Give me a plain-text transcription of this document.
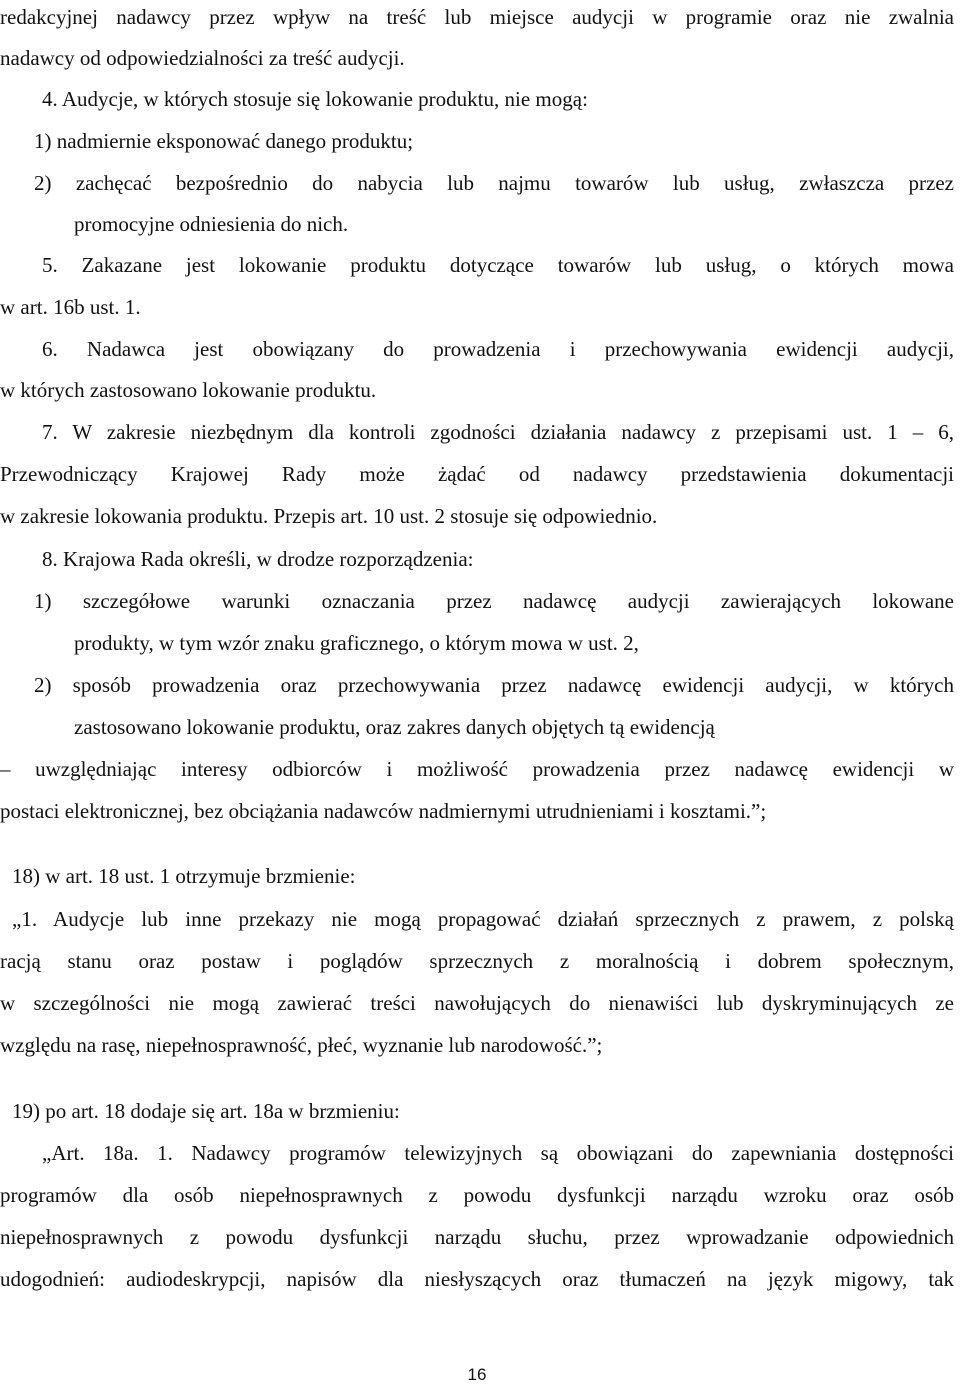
redakcyjnej nadawcy przez wpływ na treść lub miejsce audycji w programie oraz nie zwalnia
nadawcy od odpowiedzialności za treść audycji.
4. Audycje, w których stosuje się lokowanie produktu, nie mogą:
1) nadmiernie eksponować danego produktu;
2) zachęcać bezpośrednio do nabycia lub najmu towarów lub usług, zwłaszcza przez
promocyjne odniesienia do nich.
5. Zakazane jest lokowanie produktu dotyczące towarów lub usług, o których mowa
w art. 16b ust. 1.
6. Nadawca jest obowiązany do prowadzenia i przechowywania ewidencji audycji,
w których zastosowano lokowanie produktu.
7. W zakresie niezbędnym dla kontroli zgodności działania nadawcy z przepisami ust. 1 – 6,
Przewodniczący Krajowej Rady może żądać od nadawcy przedstawienia dokumentacji
w zakresie lokowania produktu. Przepis art. 10 ust. 2 stosuje się odpowiednio.
8. Krajowa Rada określi, w drodze rozporządzenia:
1) szczegółowe warunki oznaczania przez nadawcę audycji zawierających lokowane
produkty, w tym wzór znaku graficznego, o którym mowa w ust. 2,
2) sposób prowadzenia oraz przechowywania przez nadawcę ewidencji audycji, w których
zastosowano lokowanie produktu, oraz zakres danych objętych tą ewidencją
– uwzględniając interesy odbiorców i możliwość prowadzenia przez nadawcę ewidencji w
postaci elektronicznej, bez obciążania nadawców nadmiernymi utrudnieniami i kosztami.”;
18) w art. 18 ust. 1 otrzymuje brzmienie:
„1. Audycje lub inne przekazy nie mogą propagować działań sprzecznych z prawem, z polską
racją stanu oraz postaw i poglądów sprzecznych z moralnością i dobrem społecznym,
w szczególności nie mogą zawierać treści nawołujących do nienawiści lub dyskryminujących ze
względu na rasę, niepełnosprawność, płeć, wyznanie lub narodowość.”;
19) po art. 18 dodaje się art. 18a w brzmieniu:
„Art. 18a. 1. Nadawcy programów telewizyjnych są obowiązani do zapewniania dostępności
programów dla osób niepełnosprawnych z powodu dysfunkcji narządu wzroku oraz osób
niepełnosprawnych z powodu dysfunkcji narządu słuchu, przez wprowadzanie odpowiednich
udogodnień: audiodeskrypcji, napisów dla niesłyszących oraz tłumaczeń na język migowy, tak
16
